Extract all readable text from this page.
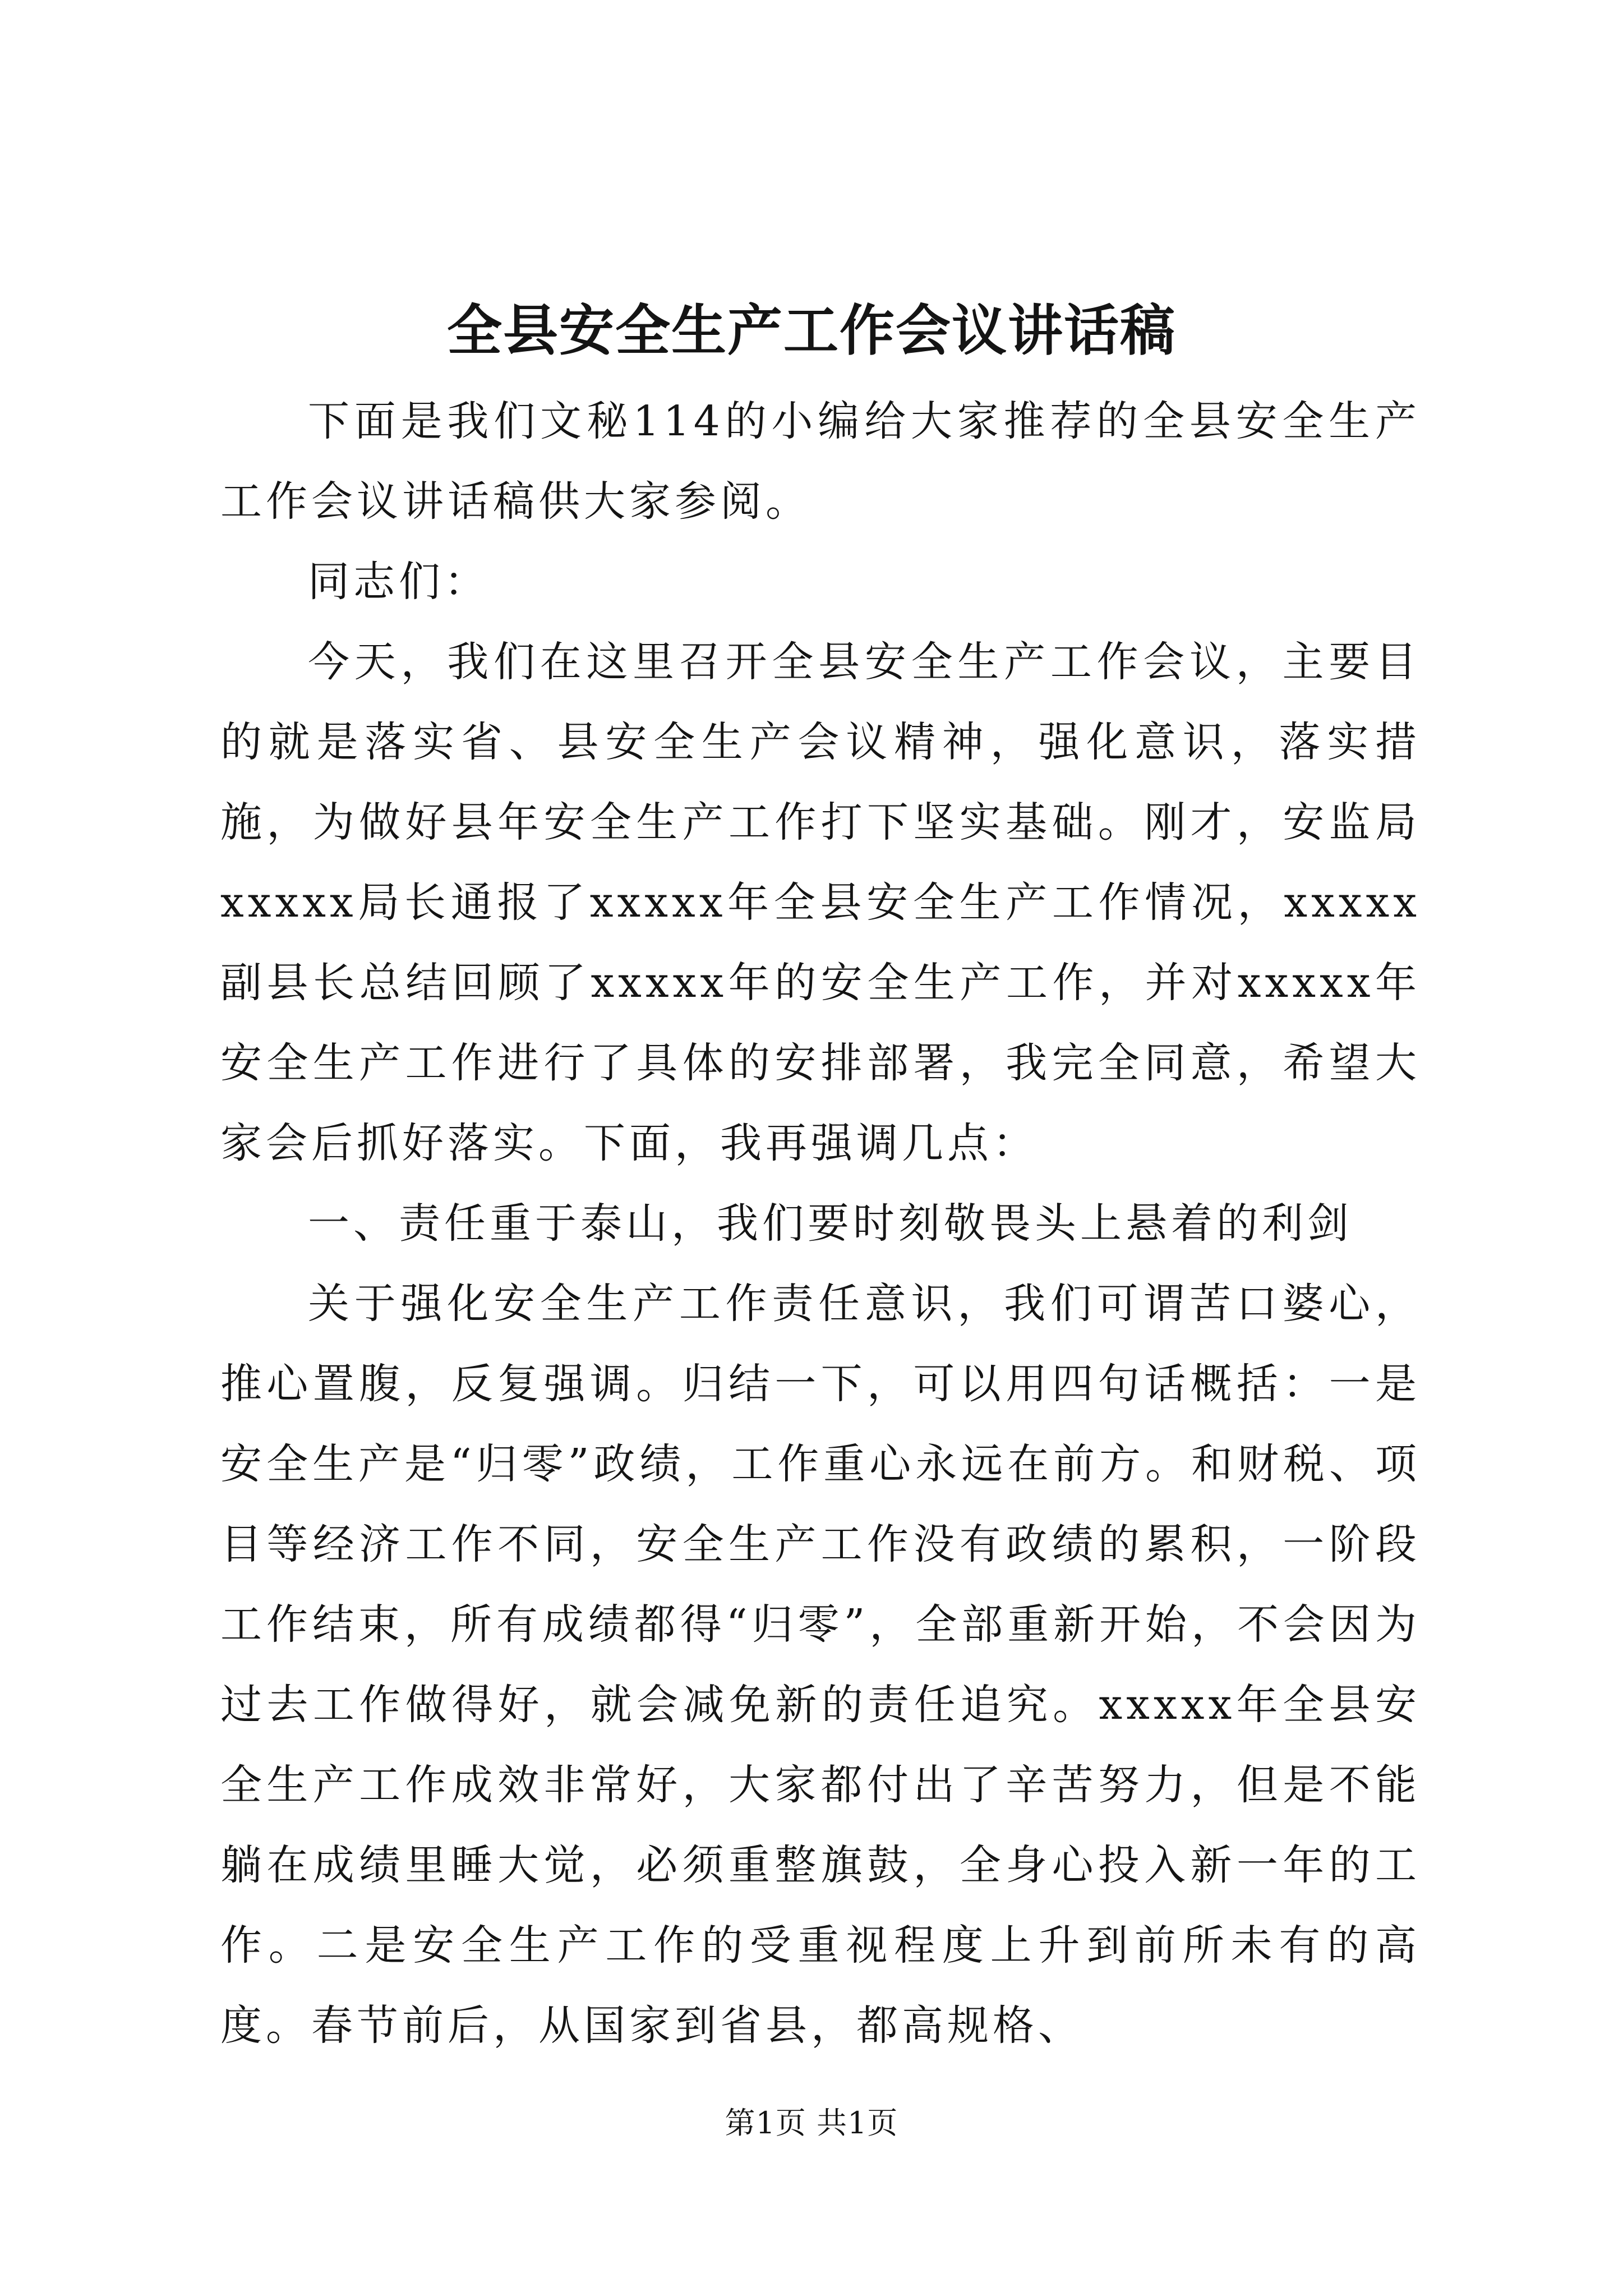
全县安全生产工作会议讲话稿

下面是我们文秘114的小编给大家推荐的全县安全生产工作会议讲话稿供大家参阅。

同志们：

今天，我们在这里召开全县安全生产工作会议，主要目的就是落实省、县安全生产会议精神，强化意识，落实措施，为做好县年安全生产工作打下坚实基础。刚才，安监局xxxxx局长通报了xxxxx年全县安全生产工作情况，xxxxx副县长总结回顾了xxxxx年的安全生产工作，并对xxxxx年安全生产工作进行了具体的安排部署，我完全同意，希望大家会后抓好落实。下面，我再强调几点：

一、责任重于泰山，我们要时刻敬畏头上悬着的利剑

关于强化安全生产工作责任意识，我们可谓苦口婆心，推心置腹，反复强调。归结一下，可以用四句话概括：一是安全生产是“归零”政绩，工作重心永远在前方。和财税、项目等经济工作不同，安全生产工作没有政绩的累积，一阶段工作结束，所有成绩都得“归零”，全部重新开始，不会因为过去工作做得好，就会减免新的责任追究。xxxxx年全县安全生产工作成效非常好，大家都付出了辛苦努力，但是不能躺在成绩里睡大觉，必须重整旗鼓，全身心投入新一年的工作。二是安全生产工作的受重视程度上升到前所未有的高度。春节前后，从国家到省县，都高规格、

第1页 共1页
